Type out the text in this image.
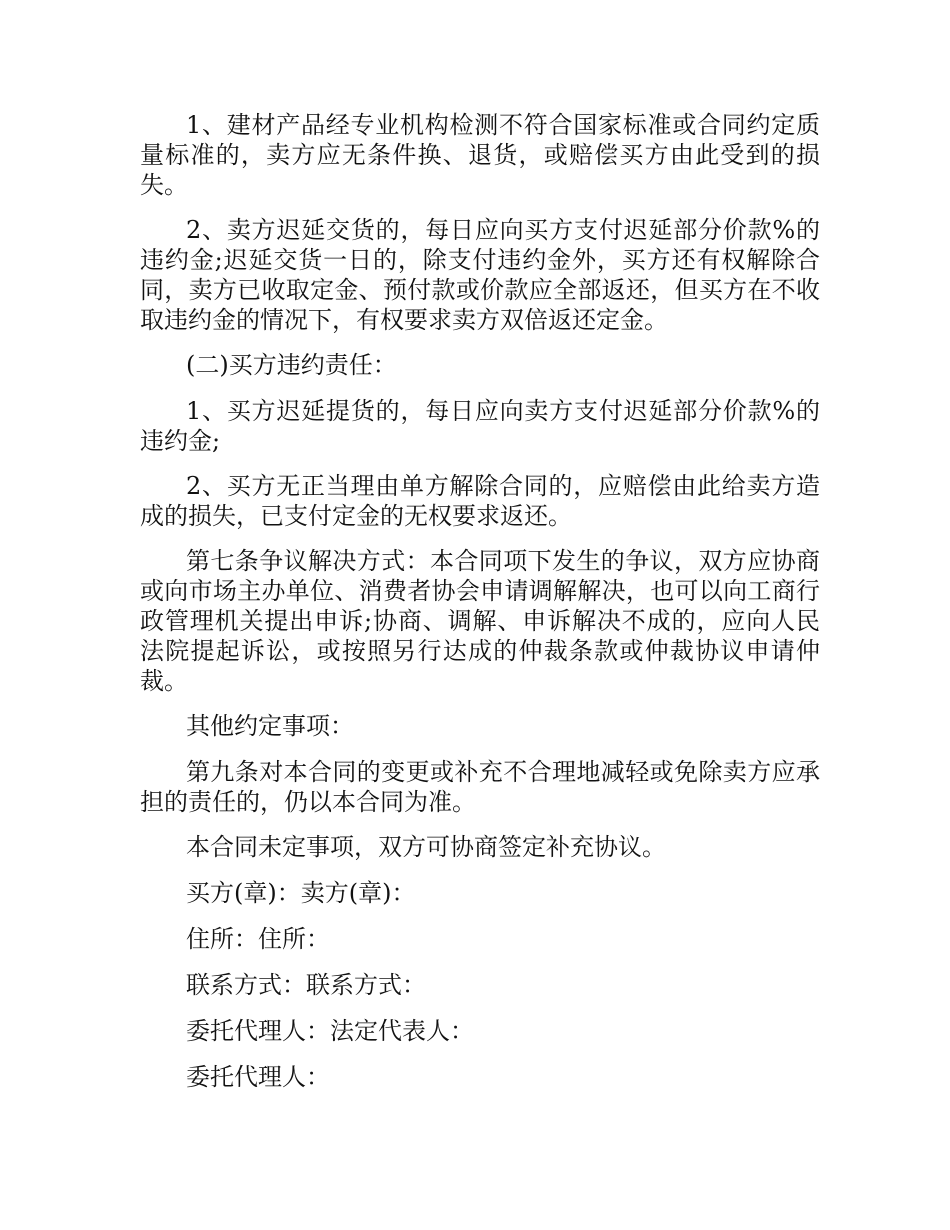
1、建材产品经专业机构检测不符合国家标准或合同约定质量标准的，卖方应无条件换、退货，或赔偿买方由此受到的损失。

2、卖方迟延交货的，每日应向买方支付迟延部分价款%的违约金;迟延交货一日的，除支付违约金外，买方还有权解除合同，卖方已收取定金、预付款或价款应全部返还，但买方在不收取违约金的情况下，有权要求卖方双倍返还定金。

(二)买方违约责任：

1、买方迟延提货的，每日应向卖方支付迟延部分价款%的违约金;

2、买方无正当理由单方解除合同的，应赔偿由此给卖方造成的损失，已支付定金的无权要求返还。

第七条争议解决方式：本合同项下发生的争议，双方应协商或向市场主办单位、消费者协会申请调解解决，也可以向工商行政管理机关提出申诉;协商、调解、申诉解决不成的，应向人民法院提起诉讼，或按照另行达成的仲裁条款或仲裁协议申请仲裁。

其他约定事项：

第九条对本合同的变更或补充不合理地减轻或免除卖方应承担的责任的，仍以本合同为准。

本合同未定事项，双方可协商签定补充协议。

买方(章)：卖方(章)：

住所：住所：

联系方式：联系方式：

委托代理人：法定代表人：

委托代理人：
